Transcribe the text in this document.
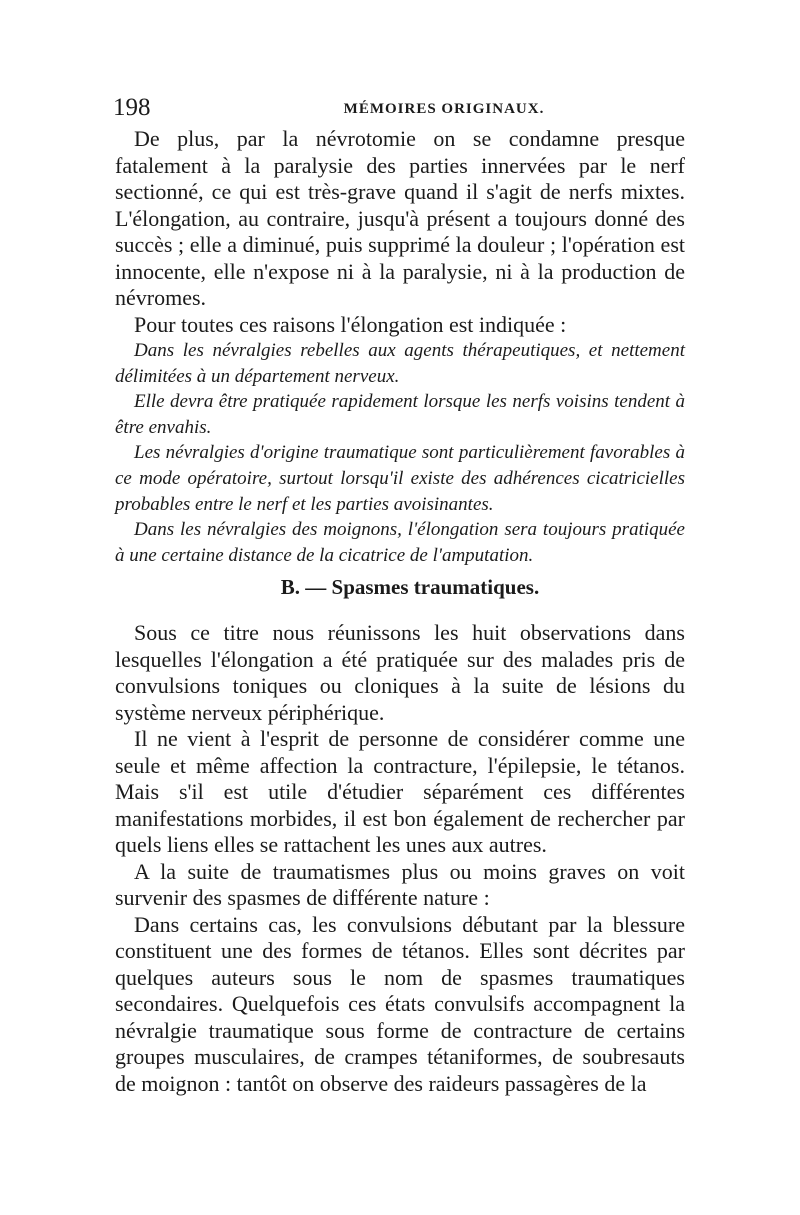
198	MÉMOIRES ORIGINAUX.

De plus, par la névrotomie on se condamne presque fatalement à la paralysie des parties innervées par le nerf sectionné, ce qui est très-grave quand il s'agit de nerfs mixtes. L'élongation, au contraire, jusqu'à présent a toujours donné des succès ; elle a diminué, puis supprimé la douleur ; l'opération est innocente, elle n'expose ni à la paralysie, ni à la production de névromes.

Pour toutes ces raisons l'élongation est indiquée :

Dans les névralgies rebelles aux agents thérapeutiques, et nettement délimitées à un département nerveux.

Elle devra être pratiquée rapidement lorsque les nerfs voisins tendent à être envahis.

Les névralgies d'origine traumatique sont particulièrement favorables à ce mode opératoire, surtout lorsqu'il existe des adhérences cicatricielles probables entre le nerf et les parties avoisinantes.

Dans les névralgies des moignons, l'élongation sera toujours pratiquée à une certaine distance de la cicatrice de l'amputation.

B. — Spasmes traumatiques.

Sous ce titre nous réunissons les huit observations dans lesquelles l'élongation a été pratiquée sur des malades pris de convulsions toniques ou cloniques à la suite de lésions du système nerveux périphérique.

Il ne vient à l'esprit de personne de considérer comme une seule et même affection la contracture, l'épilepsie, le tétanos. Mais s'il est utile d'étudier séparément ces différentes manifestations morbides, il est bon également de rechercher par quels liens elles se rattachent les unes aux autres.

A la suite de traumatismes plus ou moins graves on voit survenir des spasmes de différente nature :

Dans certains cas, les convulsions débutant par la blessure constituent une des formes de tétanos. Elles sont décrites par quelques auteurs sous le nom de spasmes traumatiques secondaires. Quelquefois ces états convulsifs accompagnent la névralgie traumatique sous forme de contracture de certains groupes musculaires, de crampes tétaniformes, de soubresauts de moignon : tantôt on observe des raideurs passagères de la
